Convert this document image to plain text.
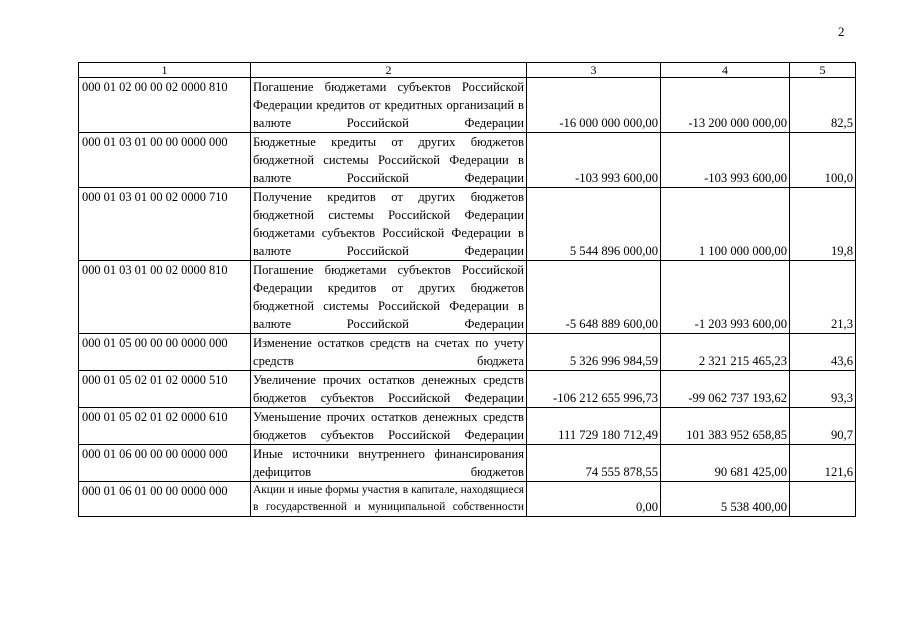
2
1	2	3	4	5
000 01 02 00 00 02 0000 810	Погашение бюджетами субъектов Российской Федерации кредитов от кредитных организаций в валюте Российской Федерации	-16 000 000 000,00	-13 200 000 000,00	82,5
000 01 03 01 00 00 0000 000	Бюджетные кредиты от других бюджетов бюджетной системы Российской Федерации в валюте Российской Федерации	-103 993 600,00	-103 993 600,00	100,0
000 01 03 01 00 02 0000 710	Получение кредитов от других бюджетов бюджетной системы Российской Федерации бюджетами субъектов Российской Федерации в валюте Российской Федерации	5 544 896 000,00	1 100 000 000,00	19,8
000 01 03 01 00 02 0000 810	Погашение бюджетами субъектов Российской Федерации кредитов от других бюджетов бюджетной системы Российской Федерации в валюте Российской Федерации	-5 648 889 600,00	-1 203 993 600,00	21,3
000 01 05 00 00 00 0000 000	Изменение остатков средств на счетах по учету средств бюджета	5 326 996 984,59	2 321 215 465,23	43,6
000 01 05 02 01 02 0000 510	Увеличение прочих остатков денежных средств бюджетов субъектов Российской Федерации	-106 212 655 996,73	-99 062 737 193,62	93,3
000 01 05 02 01 02 0000 610	Уменьшение прочих остатков денежных средств бюджетов субъектов Российской Федерации	111 729 180 712,49	101 383 952 658,85	90,7
000 01 06 00 00 00 0000 000	Иные источники внутреннего финансирования дефицитов бюджетов	74 555 878,55	90 681 425,00	121,6
000 01 06 01 00 00 0000 000	Акции и иные формы участия в капитале, находящиеся в государственной и муниципальной собственности	0,00	5 538 400,00	
